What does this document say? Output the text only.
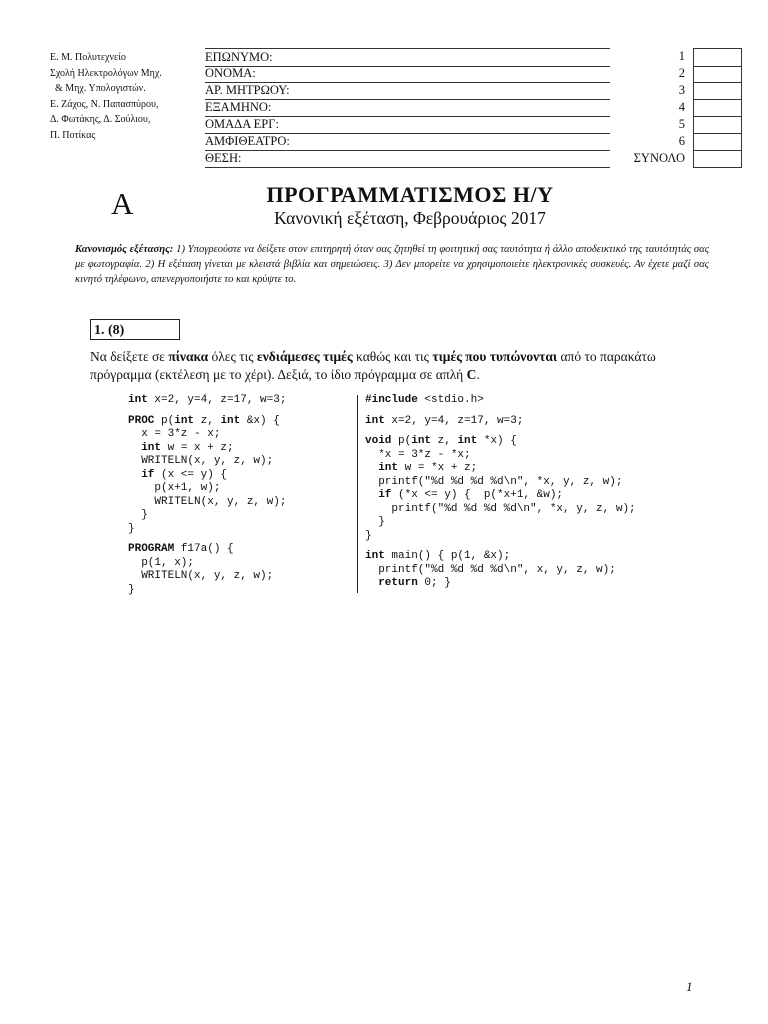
Ε. Μ. Πολυτεχνείο
Σχολή Ηλεκτρολόγων Μηχ.
& Μηχ. Υπολογιστών.
Ε. Ζάχος, Ν. Παπασπύρου,
Δ. Φωτάκης, Δ. Σούλιου,
Π. Ποτίκας
ΕΠΩΝΥΜΟ:
ΟΝΟΜΑ:
ΑΡ. ΜΗΤΡΩΟΥ:
ΕΞΑΜΗΝΟ:
ΟΜΑΔΑ ΕΡΓ:
ΑΜΦΙΘΕΑΤΡΟ:
ΘΕΣΗ:
1
2
3
4
5
6
ΣΥΝΟΛΟ
A	ΠΡΟΓΡΑΜΜΑΤΙΣΜΟΣ Η/Υ
Κανονική εξέταση, Φεβρουάριος 2017
Κανονισμός εξέτασης: 1) Υπογρεούστε να δείξετε στον επιτηρητή όταν σας ζητηθεί τη φοιτητική σας ταυτότητα ή άλλο αποδεικτικό της ταυτότητάς σας με φωτογραφία. 2) Η εξέταση γίνεται με κλειστά βιβλία και σημειώσεις. 3) Δεν μπορείτε να χρησιμοποιείτε ηλεκτρονικές συσκευές. Αν έχετε μαζί σας κινητό τηλέφωνο, απενεργοποιήστε το και κρύψτε το.
1. (8)
Να δείξετε σε πίνακα όλες τις ενδιάμεσες τιμές καθώς και τις τιμές που τυπώνονται από το παρακάτω πρόγραμμα (εκτέλεση με το χέρι). Δεξιά, το ίδιο πρόγραμμα σε απλή C.
int x=2, y=4, z=17, w=3;
PROC p(int z, int &x) {
x = 3*z - x;
int w = x + z;
WRITELN(x, y, z, w);
if (x <= y) {
p(x+1, w);
WRITELN(x, y, z, w);
}
}
PROGRAM f17a() {
p(1, x);
WRITELN(x, y, z, w);
}
#include <stdio.h>
int x=2, y=4, z=17, w=3;
void p(int z, int *x) {
*x = 3*z - *x;
int w = *x + z;
printf("%d %d %d %d\n", *x, y, z, w);
if (*x <= y) {  p(*x+1, &w);
printf("%d %d %d %d\n", *x, y, z, w);
}
}
int main() { p(1, &x);
printf("%d %d %d %d\n", x, y, z, w);
return 0; }
1
